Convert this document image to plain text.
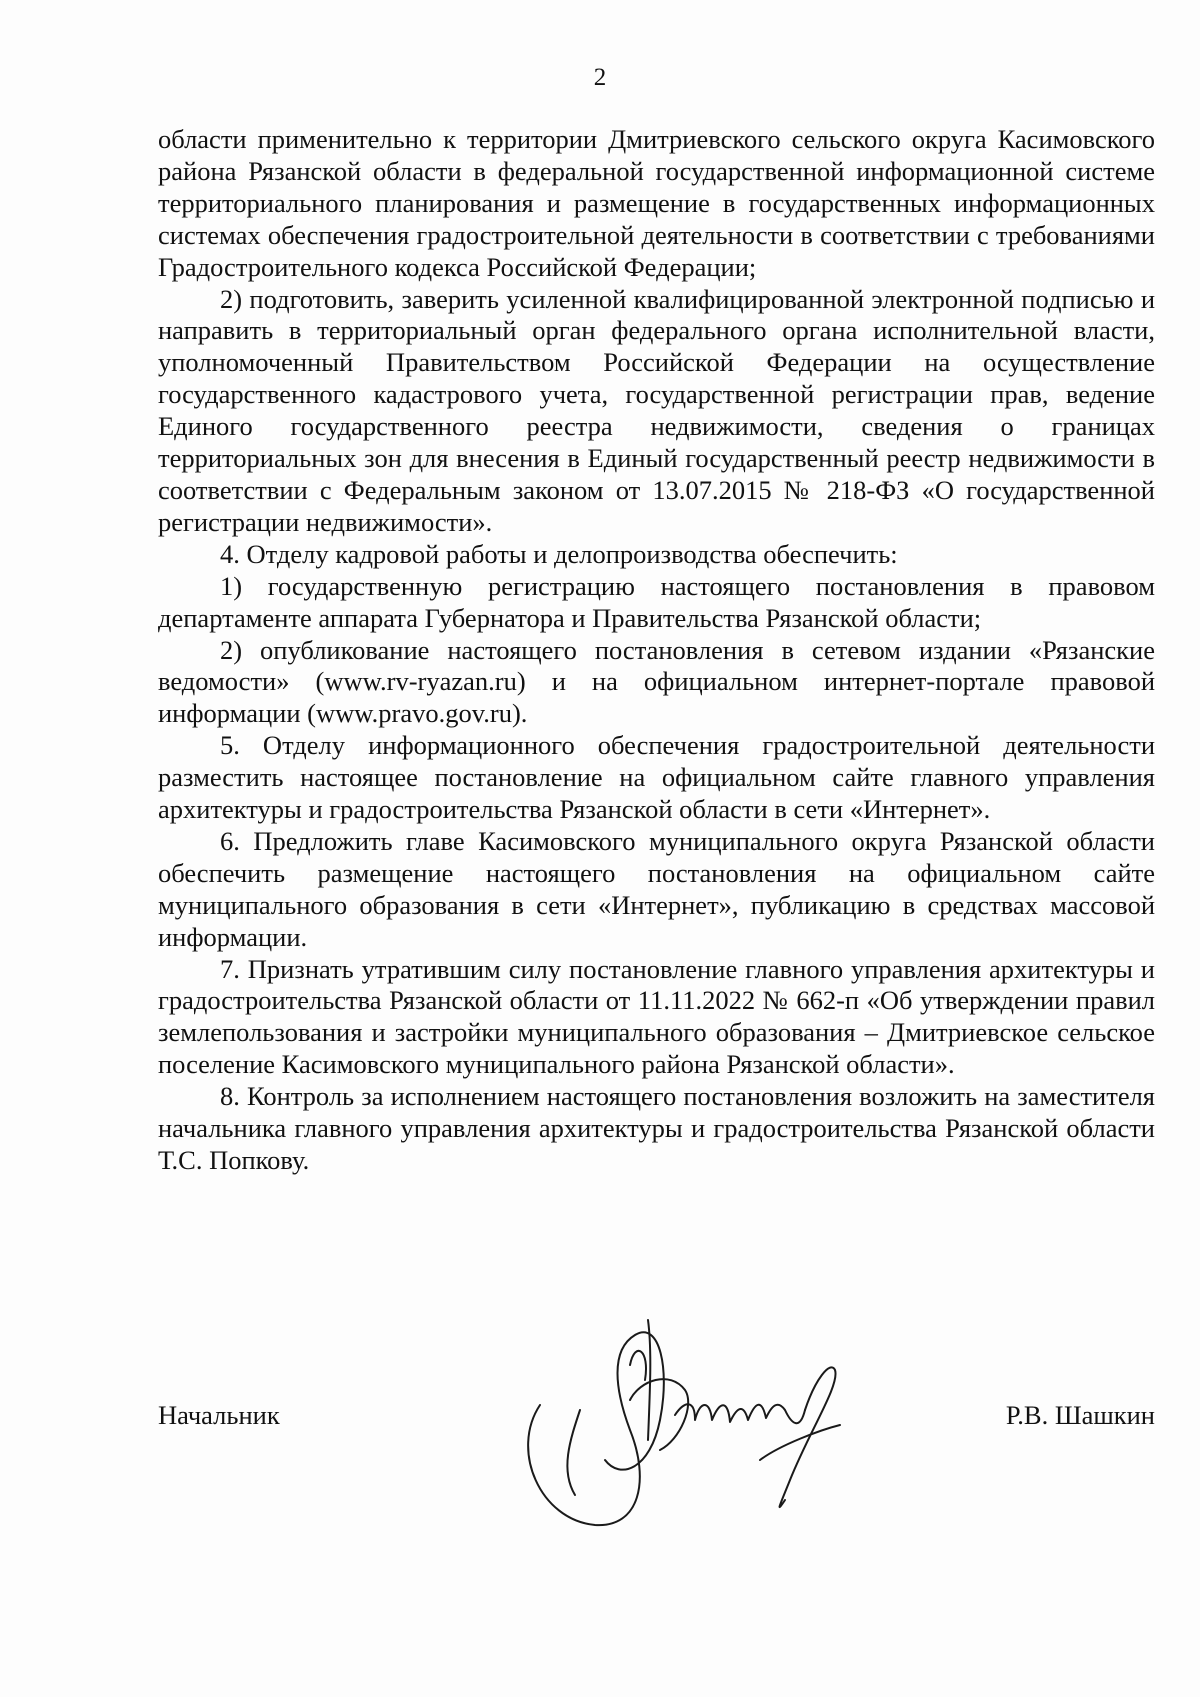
2

области применительно к территории Дмитриевского сельского округа Касимовского района Рязанской области в федеральной государственной информационной системе территориального планирования и размещение в государственных информационных системах обеспечения градостроительной деятельности в соответствии с требованиями Градостроительного кодекса Российской Федерации;

2) подготовить, заверить усиленной квалифицированной электронной подписью и направить в территориальный орган федерального органа исполнительной власти, уполномоченный Правительством Российской Федерации на осуществление государственного кадастрового учета, государственной регистрации прав, ведение Единого государственного реестра недвижимости, сведения о границах территориальных зон для внесения в Единый государственный реестр недвижимости в соответствии с Федеральным законом от 13.07.2015 № 218-ФЗ «О государственной регистрации недвижимости».

4. Отделу кадровой работы и делопроизводства обеспечить:

1) государственную регистрацию настоящего постановления в правовом департаменте аппарата Губернатора и Правительства Рязанской области;

2) опубликование настоящего постановления в сетевом издании «Рязанские ведомости» (www.rv-ryazan.ru) и на официальном интернет-портале правовой информации (www.pravo.gov.ru).

5. Отделу информационного обеспечения градостроительной деятельности разместить настоящее постановление на официальном сайте главного управления архитектуры и градостроительства Рязанской области в сети «Интернет».

6. Предложить главе Касимовского муниципального округа Рязанской области обеспечить размещение настоящего постановления на официальном сайте муниципального образования в сети «Интернет», публикацию в средствах массовой информации.

7. Признать утратившим силу постановление главного управления архитектуры и градостроительства Рязанской области от 11.11.2022 № 662-п «Об утверждении правил землепользования и застройки муниципального образования – Дмитриевское сельское поселение Касимовского муниципального района Рязанской области».

8. Контроль за исполнением настоящего постановления возложить на заместителя начальника главного управления архитектуры и градостроительства Рязанской области Т.С. Попкову.

Начальник	Р.В. Шашкин
